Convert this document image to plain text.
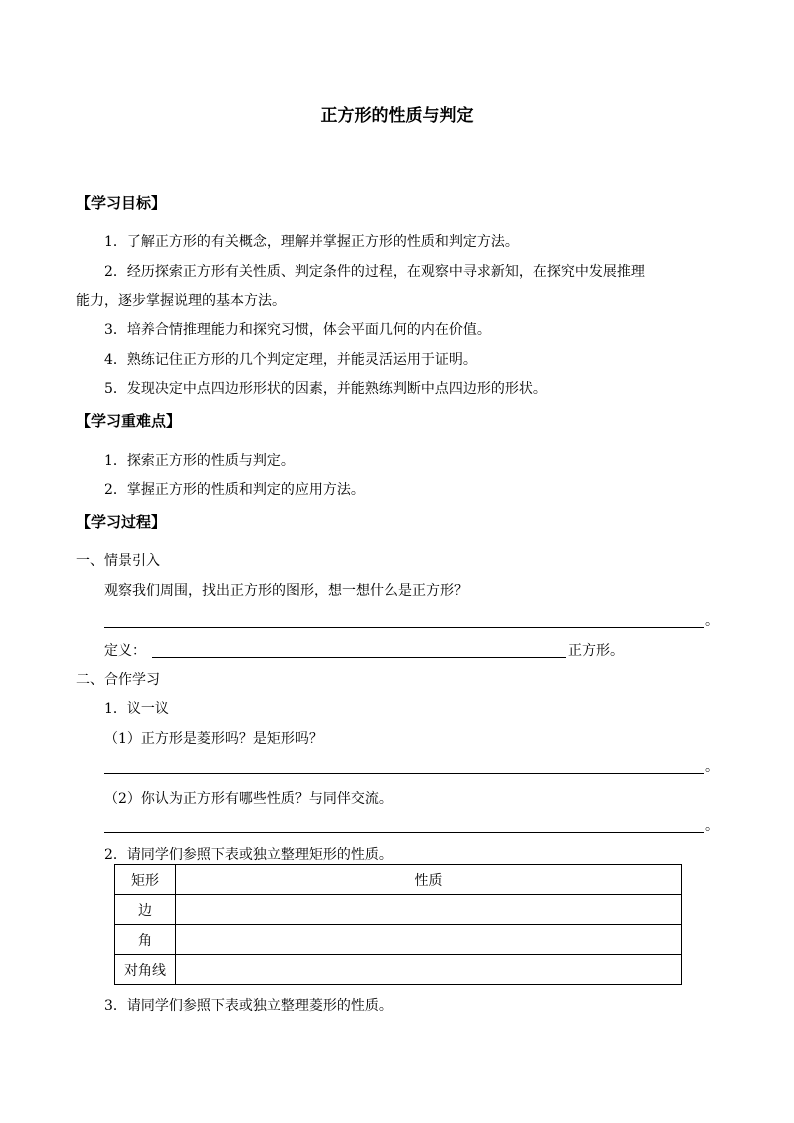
正方形的性质与判定
【学习目标】
1．了解正方形的有关概念，理解并掌握正方形的性质和判定方法。
2．经历探索正方形有关性质、判定条件的过程，在观察中寻求新知，在探究中发展推理
能力，逐步掌握说理的基本方法。
3．培养合情推理能力和探究习惯，体会平面几何的内在价值。
4．熟练记住正方形的几个判定定理，并能灵活运用于证明。
5．发现决定中点四边形形状的因素，并能熟练判断中点四边形的形状。
【学习重难点】
1．探索正方形的性质与判定。
2．掌握正方形的性质和判定的应用方法。
【学习过程】
一、情景引入
观察我们周围，找出正方形的图形，想一想什么是正方形？
。
定义：	正方形。
二、合作学习
1．议一议
（1）正方形是菱形吗？是矩形吗？
。
（2）你认为正方形有哪些性质？与同伴交流。
。
2．请同学们参照下表或独立整理矩形的性质。
矩形	性质
边	
角	
对角线	
3．请同学们参照下表或独立整理菱形的性质。
